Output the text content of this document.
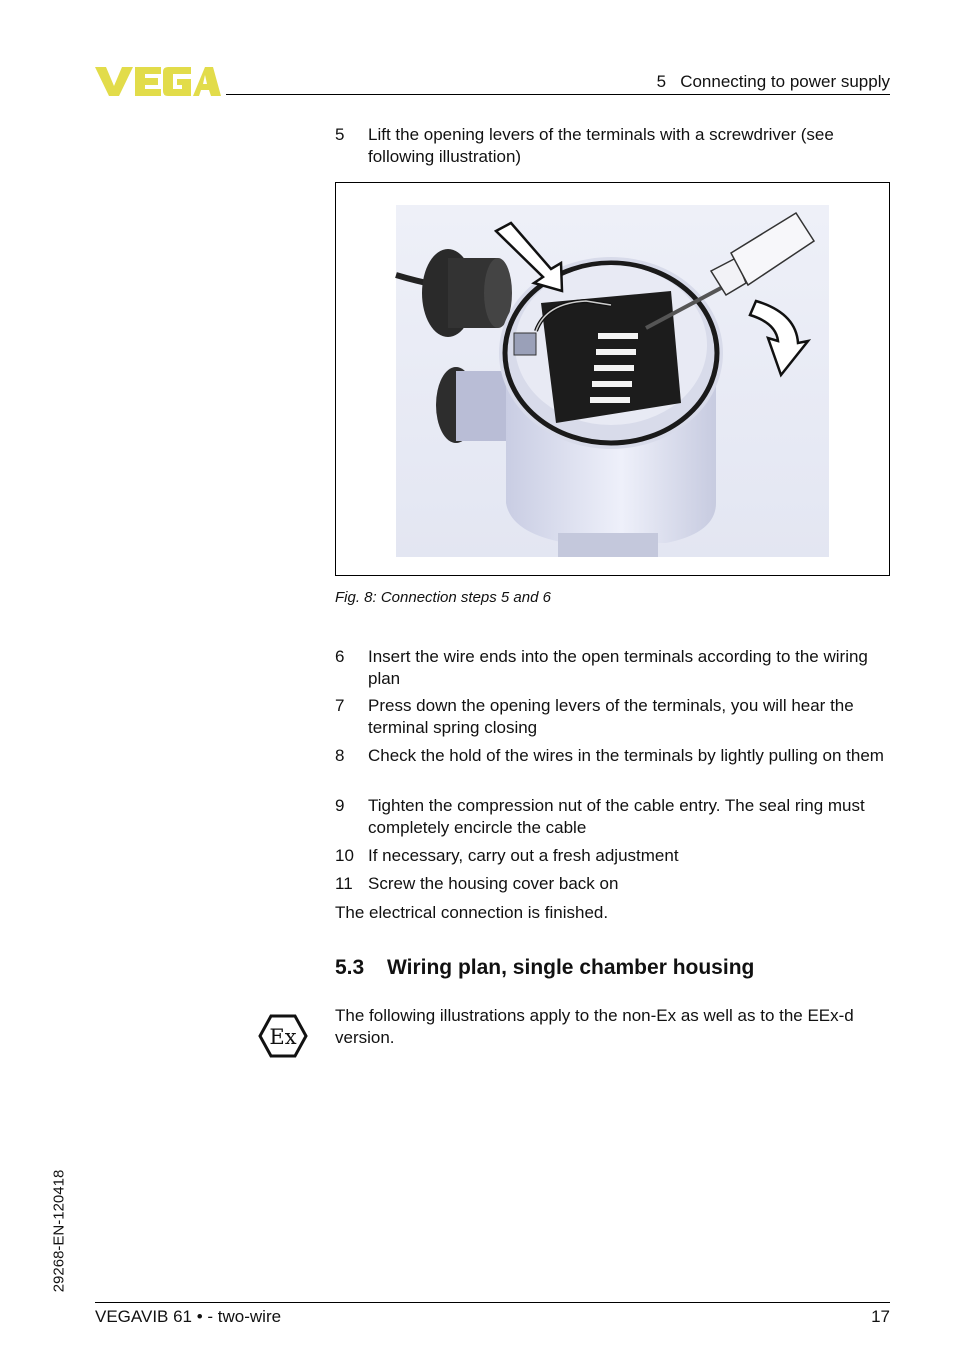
5   Connecting to power supply
5	Lift the opening levers of the terminals with a screwdriver (see following illustration)
Fig. 8: Connection steps 5 and 6
6	Insert the wire ends into the open terminals according to the wiring plan
7	Press down the opening levers of the terminals, you will hear the terminal spring closing
8	Check the hold of the wires in the terminals by lightly pulling on them
9	Tighten the compression nut of the cable entry. The seal ring must completely encircle the cable
10 If necessary, carry out a fresh adjustment
11 Screw the housing cover back on
The electrical connection is finished.
5.3 Wiring plan, single chamber housing
Ex
The following illustrations apply to the non-Ex as well as to the EEx-d version.
29268-EN-120418
VEGAVIB 61 • - two-wire	17
